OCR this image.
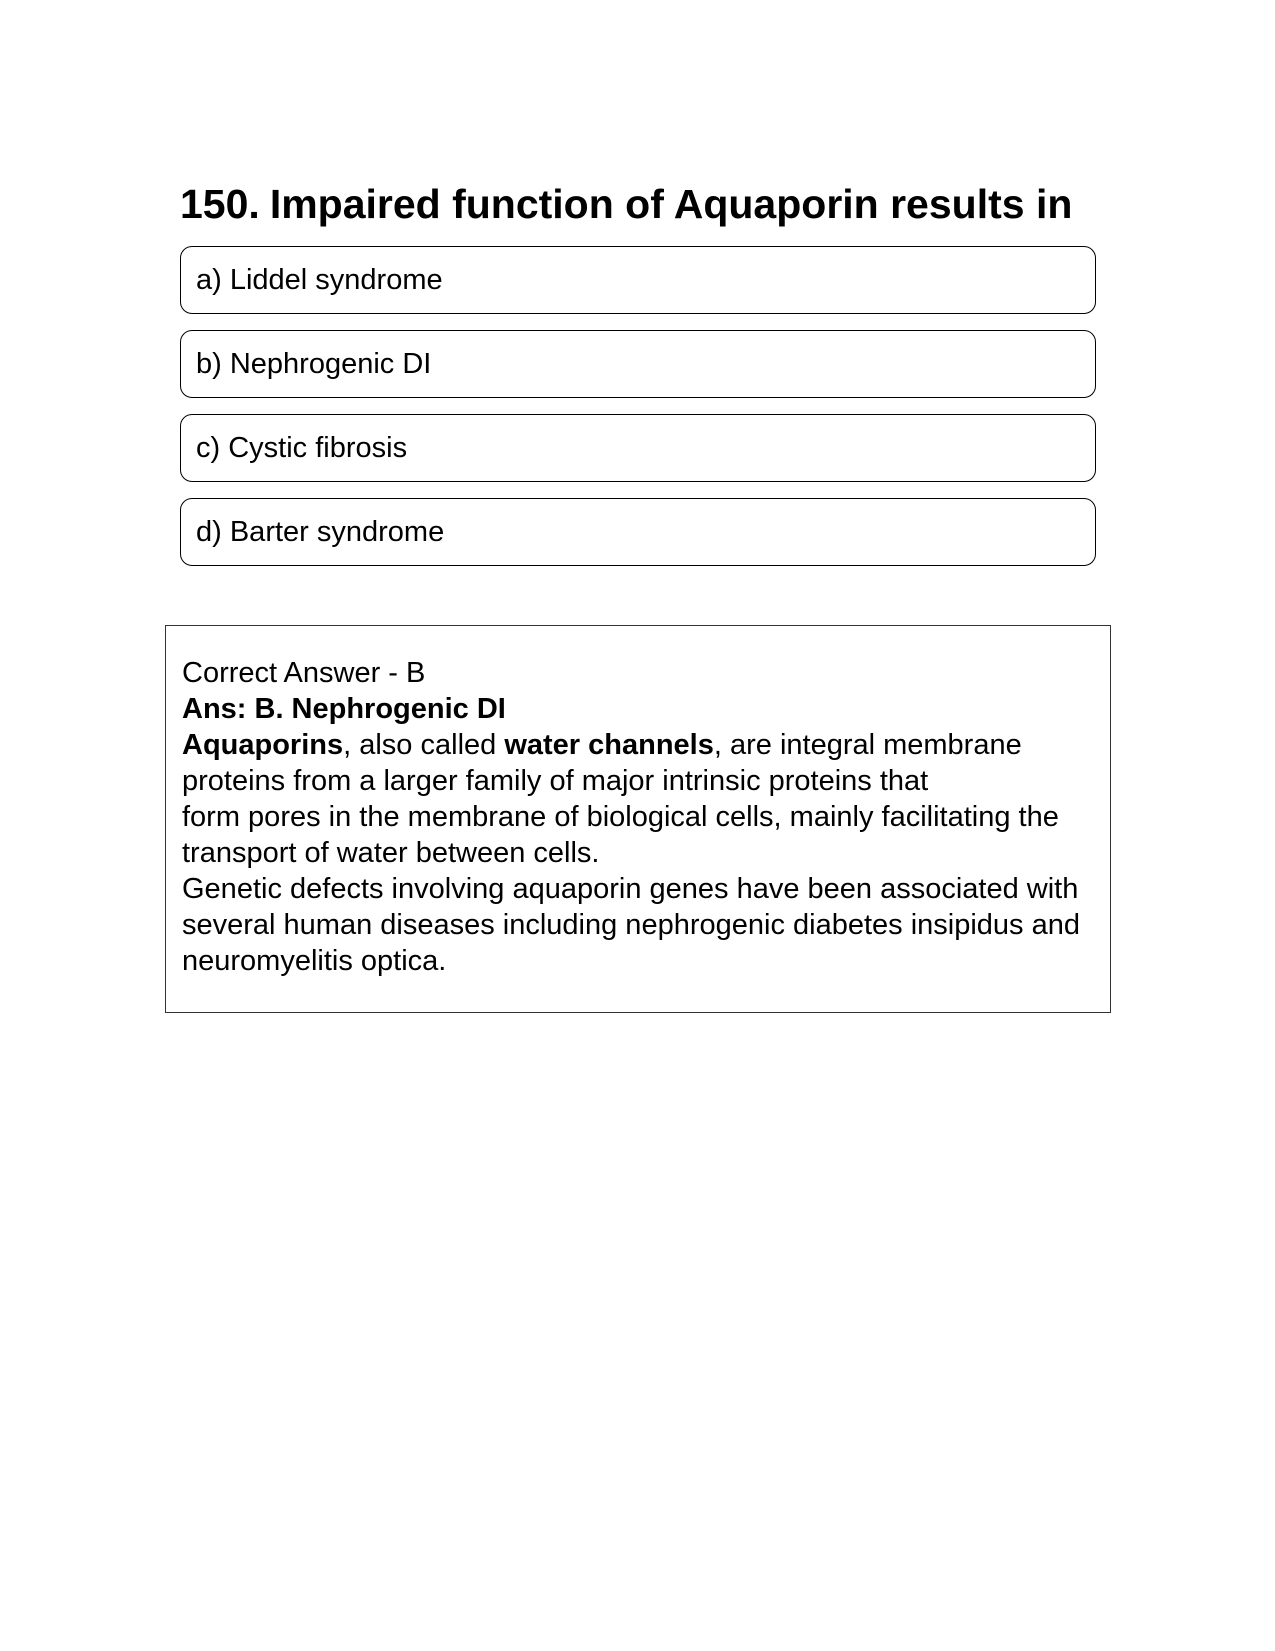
150. Impaired function of Aquaporin results in
a) Liddel syndrome
b) Nephrogenic DI
c) Cystic fibrosis
d) Barter syndrome

Correct Answer - B

Ans: B. Nephrogenic DI

Aquaporins, also called water channels, are integral membrane proteins from a larger family of major intrinsic proteins that
form pores in the membrane of biological cells, mainly facilitating the transport of water between cells.

Genetic defects involving aquaporin genes have been associated with several human diseases including nephrogenic diabetes insipidus and neuromyelitis optica.
